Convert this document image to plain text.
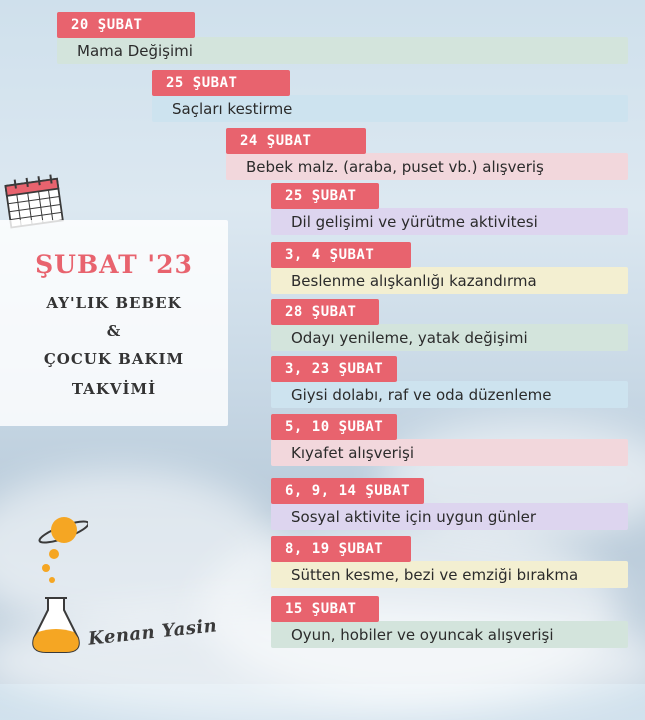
ŞUBAT '23
AY'LIK BEBEK
&
ÇOCUK BAKIM
TAKVİMİ
Mama Değişimi
20 ŞUBAT
Saçları kestirme
25 ŞUBAT
Bebek malz. (araba, puset vb.) alışveriş
24 ŞUBAT
Dil gelişimi ve yürütme aktivitesi
25 ŞUBAT
Beslenme alışkanlığı kazandırma
3, 4 ŞUBAT
Odayı yenileme, yatak değişimi
28 ŞUBAT
Giysi dolabı, raf ve oda düzenleme
3, 23 ŞUBAT
Kıyafet alışverişi
5, 10 ŞUBAT
Sosyal aktivite için uygun günler
6, 9, 14 ŞUBAT
Sütten kesme, bezi ve emziği bırakma
8, 19 ŞUBAT
Oyun, hobiler ve oyuncak alışverişi
15 ŞUBAT
Kenan Yasin
